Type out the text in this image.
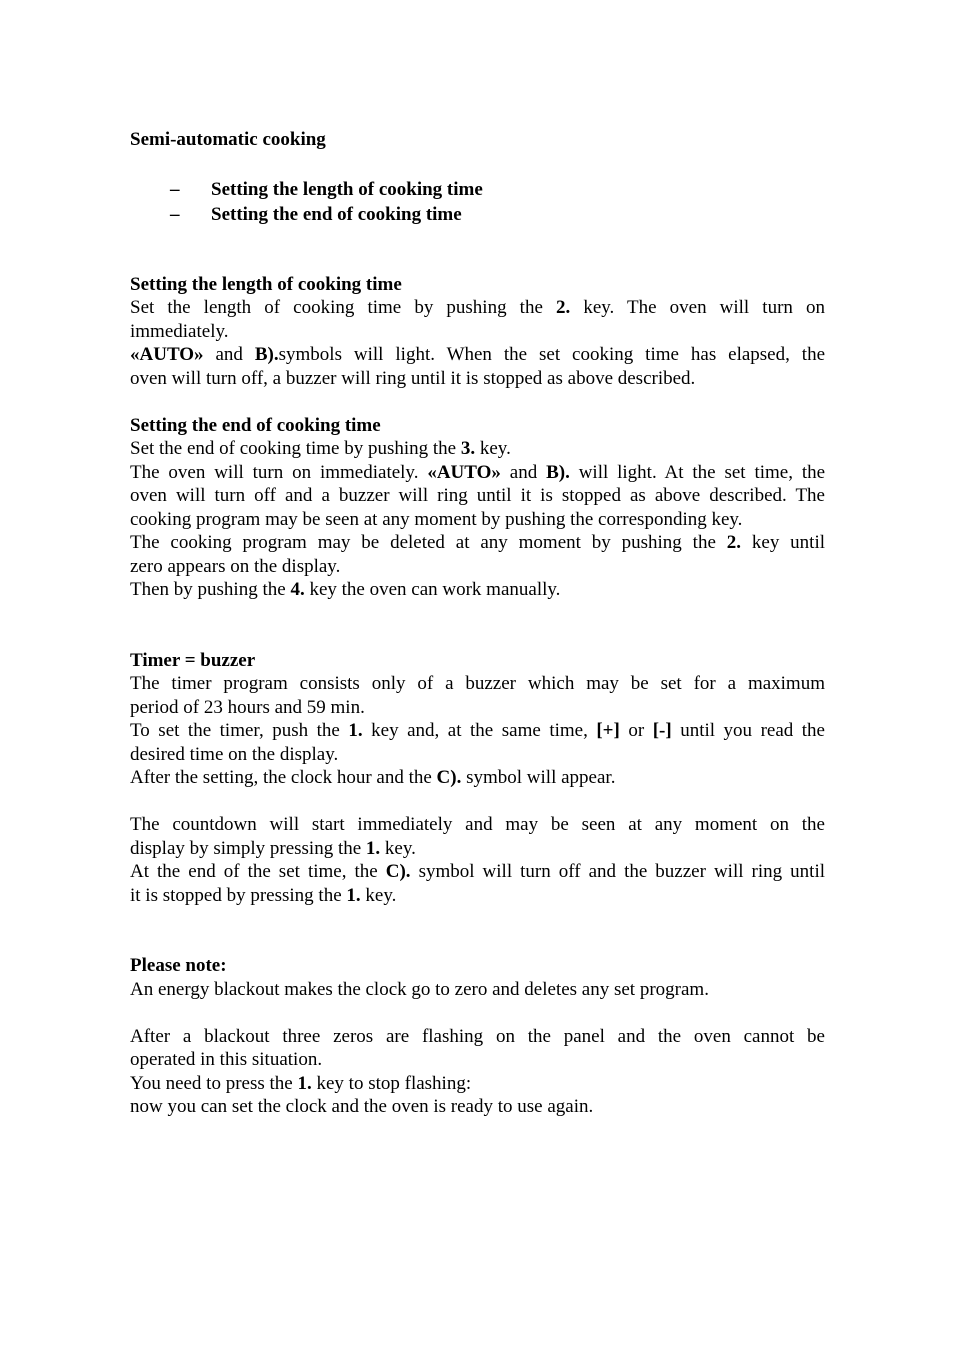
Semi-automatic cooking
– Setting the length of cooking time
– Setting the end of cooking time
Setting the length of cooking time
Set the length of cooking time by pushing the 2. key. The oven will turn on
immediately.
«AUTO» and B).symbols will light. When the set cooking time has elapsed, the
oven will turn off, a buzzer will ring until it is stopped as above described.
Setting the end of cooking time
Set the end of cooking time by pushing the 3. key.
The oven will turn on immediately. «AUTO» and B). will light. At the set time, the
oven will turn off and a buzzer will ring until it is stopped as above described. The
cooking program may be seen at any moment by pushing the corresponding key.
The cooking program may be deleted at any moment by pushing the 2. key until
zero appears on the display.
Then by pushing the 4. key the oven can work manually.
Timer = buzzer
The timer program consists only of a buzzer which may be set for a maximum
period of 23 hours and 59 min.
To set the timer, push the 1. key and, at the same time, [+] or [-] until you read the
desired time on the display.
After the setting, the clock hour and the C). symbol will appear.
The countdown will start immediately and may be seen at any moment on the
display by simply pressing the 1. key.
At the end of the set time, the C). symbol will turn off and the buzzer will ring until
it is stopped by pressing the 1. key.
Please note:
An energy blackout makes the clock go to zero and deletes any set program.
After a blackout three zeros are flashing on the panel and the oven cannot be
operated in this situation.
You need to press the 1. key to stop flashing:
now you can set the clock and the oven is ready to use again.
